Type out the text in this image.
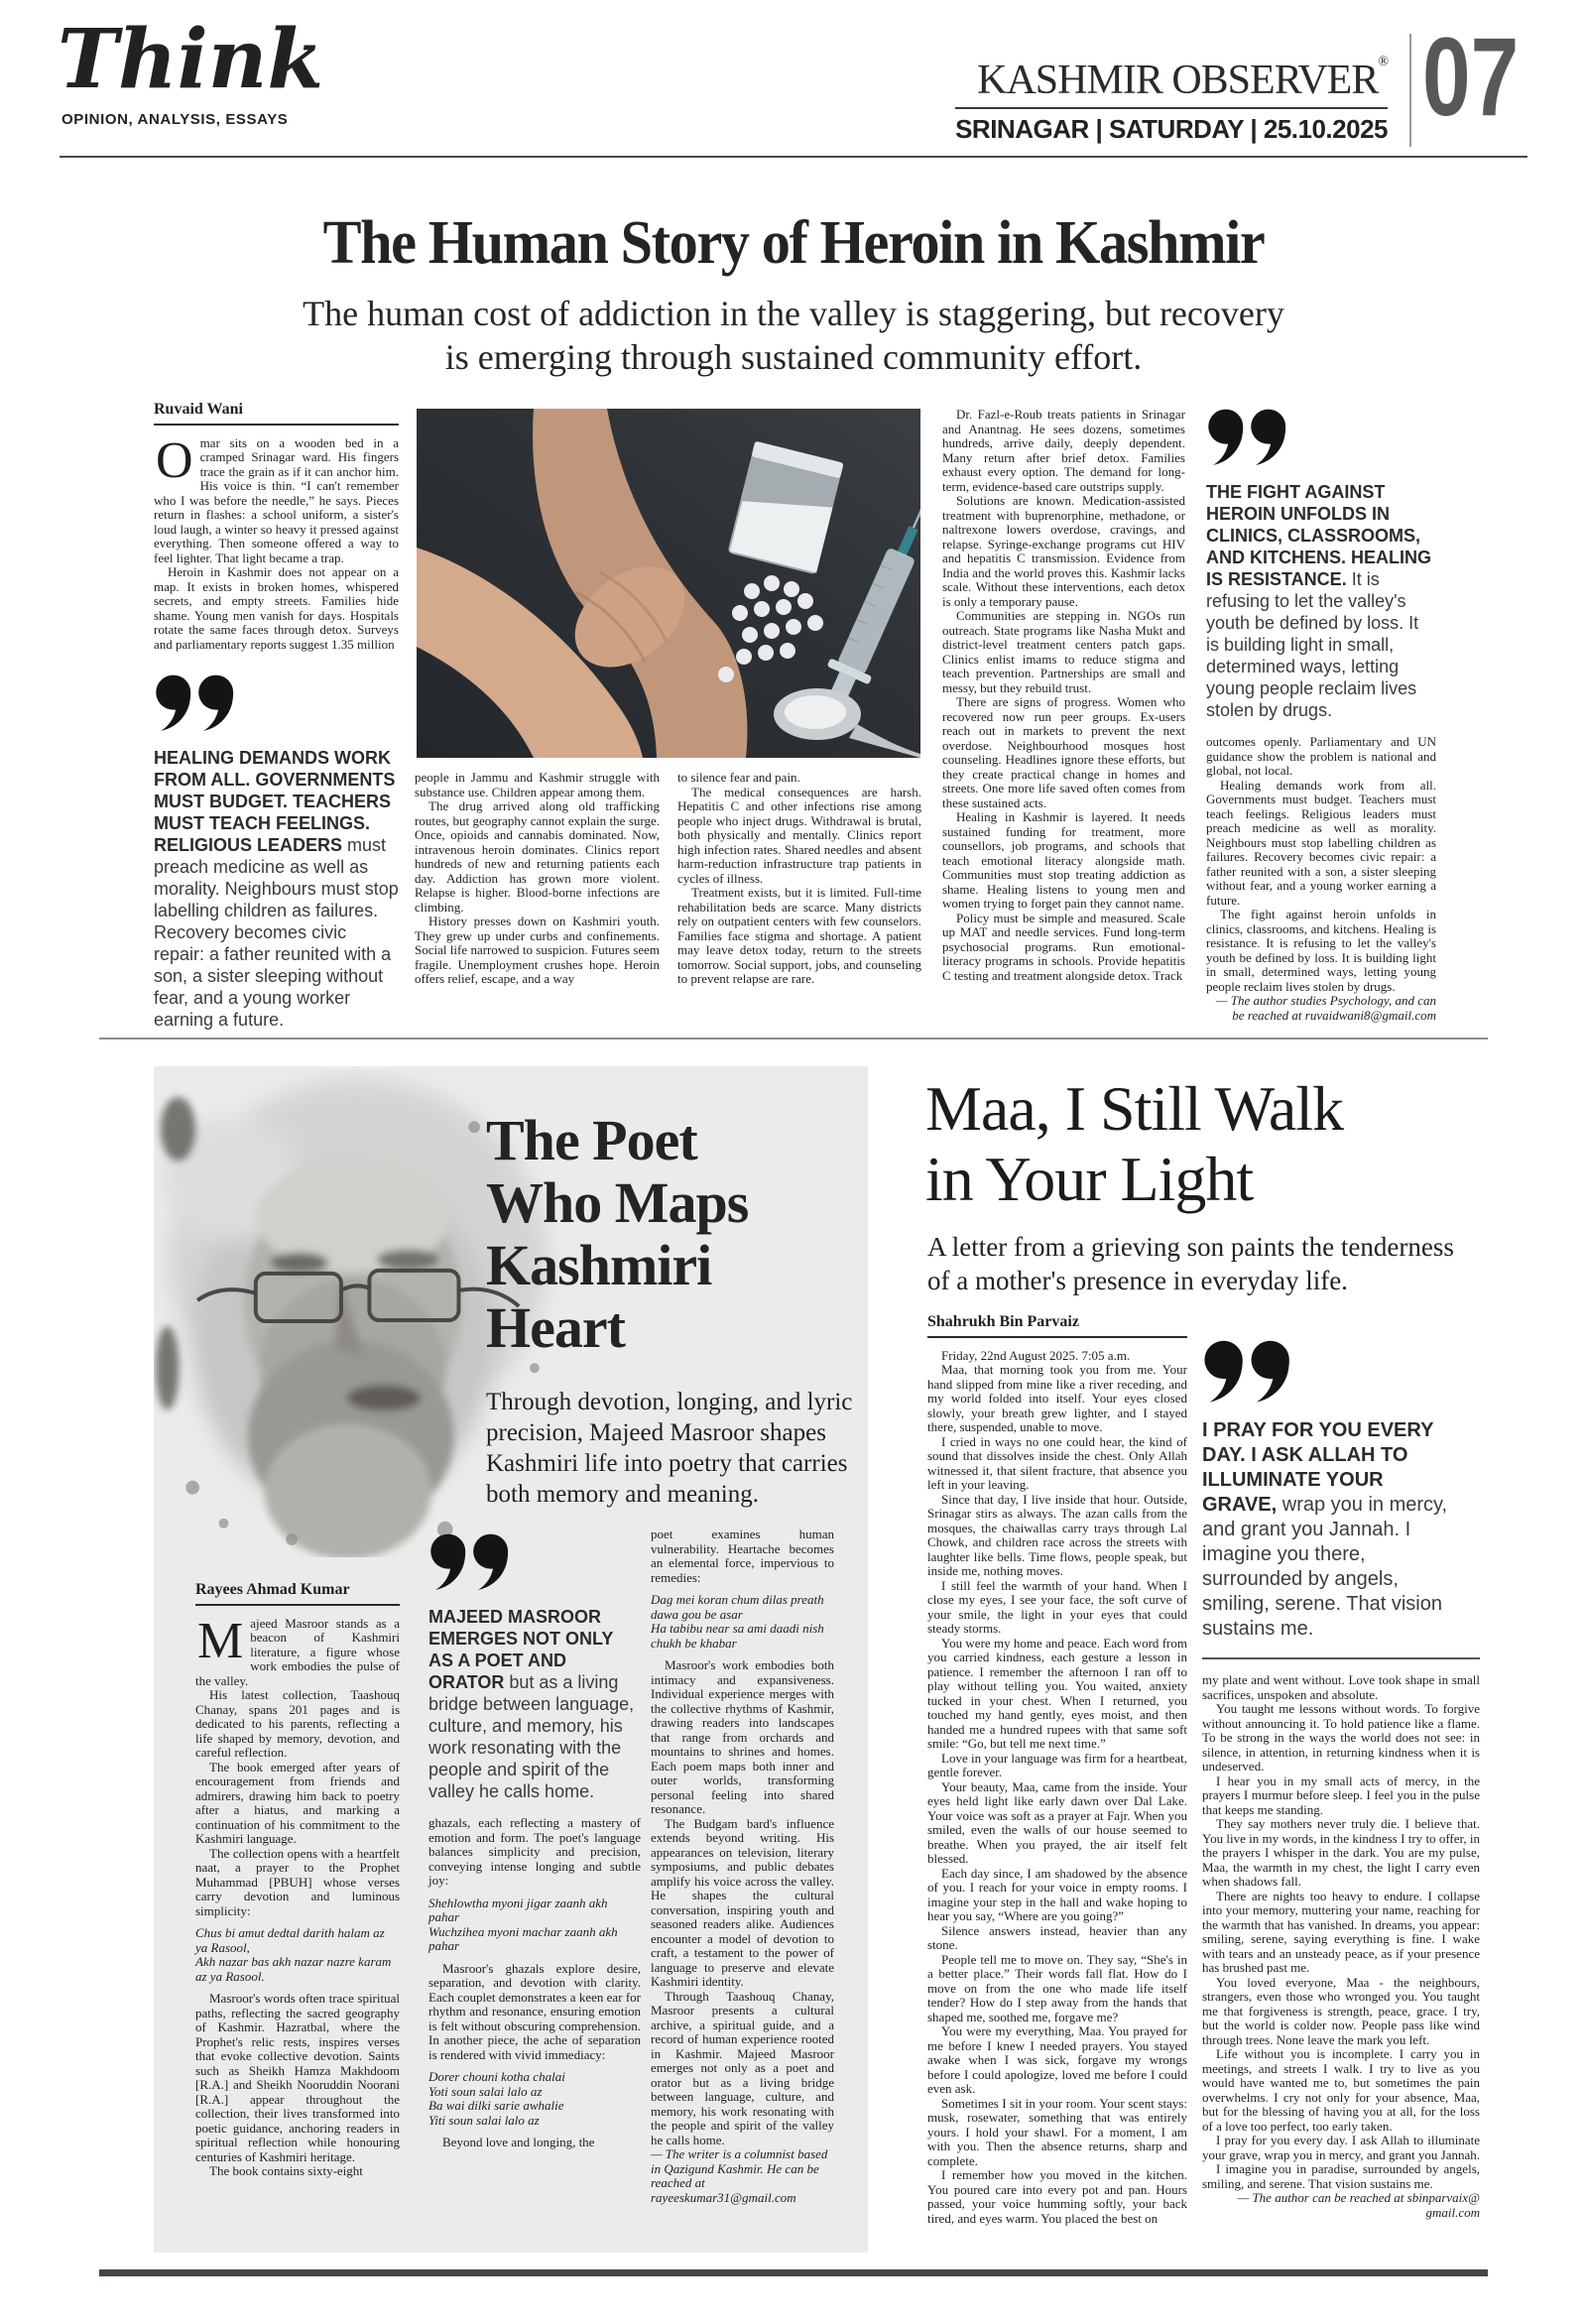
Think
OPINION, ANALYSIS, ESSAYS
KASHMIR OBSERVER®
SRINAGAR | SATURDAY | 25.10.2025 07
The Human Story of Heroin in Kashmir
The human cost of addiction in the valley is staggering, but recovery
is emerging through sustained community effort.
Ruvaid Wani

Omar sits on a wooden bed in a cramped Srinagar ward. His fingers trace the grain as if it can anchor him. His voice is thin. “I can't remember who I was before the needle,” he says. Pieces return in flashes: a school uniform, a sister's loud laugh, a winter so heavy it pressed against everything. Then someone offered a way to feel lighter. That light became a trap.

Heroin in Kashmir does not appear on a map. It exists in broken homes, whispered secrets, and empty streets. Families hide shame. Young men vanish for days. Hospitals rotate the same faces through detox. Surveys and parliamentary reports suggest 1.35 million

HEALING DEMANDS WORK FROM ALL. GOVERNMENTS MUST BUDGET. TEACHERS MUST TEACH FEELINGS. RELIGIOUS LEADERS must preach medicine as well as morality. Neighbours must stop labelling children as failures. Recovery becomes civic repair: a father reunited with a son, a sister sleeping without fear, and a young worker earning a future.

people in Jammu and Kashmir struggle with substance use. Children appear among them.

The drug arrived along old trafficking routes, but geography cannot explain the surge. Once, opioids and cannabis dominated. Now, intravenous heroin dominates. Clinics report hundreds of new and returning patients each day. Addiction has grown more violent. Relapse is higher. Blood-borne infections are climbing.

History presses down on Kashmiri youth. They grew up under curbs and confinements. Social life narrowed to suspicion. Futures seem fragile. Unemployment crushes hope. Heroin offers relief, escape, and a way

to silence fear and pain.

The medical consequences are harsh. Hepatitis C and other infections rise among people who inject drugs. Withdrawal is brutal, both physically and mentally. Clinics report high infection rates. Shared needles and absent harm-reduction infrastructure trap patients in cycles of illness.

Treatment exists, but it is limited. Full-time rehabilitation beds are scarce. Many districts rely on outpatient centers with few counselors. Families face stigma and shortage. A patient may leave detox today, return to the streets tomorrow. Social support, jobs, and counseling to prevent relapse are rare.

Dr. Fazl-e-Roub treats patients in Srinagar and Anantnag. He sees dozens, sometimes hundreds, arrive daily, deeply dependent. Many return after brief detox. Families exhaust every option. The demand for long-term, evidence-based care outstrips supply.

Solutions are known. Medication-assisted treatment with buprenorphine, methadone, or naltrexone lowers overdose, cravings, and relapse. Syringe-exchange programs cut HIV and hepatitis C transmission. Evidence from India and the world proves this. Kashmir lacks scale. Without these interventions, each detox is only a temporary pause.

Communities are stepping in. NGOs run outreach. State programs like Nasha Mukt and district-level treatment centers patch gaps. Clinics enlist imams to reduce stigma and teach prevention. Partnerships are small and messy, but they rebuild trust.

There are signs of progress. Women who recovered now run peer groups. Ex-users reach out in markets to prevent the next overdose. Neighbourhood mosques host counseling. Headlines ignore these efforts, but they create practical change in homes and streets. One more life saved often comes from these sustained acts.

Healing in Kashmir is layered. It needs sustained funding for treatment, more counsellors, job programs, and schools that teach emotional literacy alongside math. Communities must stop treating addiction as shame. Healing listens to young men and women trying to forget pain they cannot name.

Policy must be simple and measured. Scale up MAT and needle services. Fund long-term psychosocial programs. Run emotional-literacy programs in schools. Provide hepatitis C testing and treatment alongside detox. Track

THE FIGHT AGAINST HEROIN UNFOLDS IN CLINICS, CLASSROOMS, AND KITCHENS. HEALING IS RESISTANCE. It is refusing to let the valley's youth be defined by loss. It is building light in small, determined ways, letting young people reclaim lives stolen by drugs.

outcomes openly. Parliamentary and UN guidance show the problem is national and global, not local.

Healing demands work from all. Governments must budget. Teachers must teach feelings. Religious leaders must preach medicine as well as morality. Neighbours must stop labelling children as failures. Recovery becomes civic repair: a father reunited with a son, a sister sleeping without fear, and a young worker earning a future.

The fight against heroin unfolds in clinics, classrooms, and kitchens. Healing is resistance. It is refusing to let the valley's youth be defined by loss. It is building light in small, determined ways, letting young people reclaim lives stolen by drugs.

— The author studies Psychology, and can be reached at ruvaidwani8@gmail.com

The Poet
Who Maps
Kashmiri
Heart
Through devotion, longing, and lyric precision, Majeed Masroor shapes Kashmiri life into poetry that carries both memory and meaning.
Rayees Ahmad Kumar

Majeed Masroor stands as a beacon of Kashmiri literature, a figure whose work embodies the pulse of the valley.

His latest collection, Taashouq Chanay, spans 201 pages and is dedicated to his parents, reflecting a life shaped by memory, devotion, and careful reflection.

The book emerged after years of encouragement from friends and admirers, drawing him back to poetry after a hiatus, and marking a continuation of his commitment to the Kashmiri language.

The collection opens with a heartfelt naat, a prayer to the Prophet Muhammad [PBUH] whose verses carry devotion and luminous simplicity:

Chus bi amut dedtal darith halam az ya Rasool,
Akh nazar bas akh nazar nazre karam az ya Rasool.

Masroor's words often trace spiritual paths, reflecting the sacred geography of Kashmir. Hazratbal, where the Prophet's relic rests, inspires verses that evoke collective devotion. Saints such as Sheikh Hamza Makhdoom [R.A.] and Sheikh Nooruddin Noorani [R.A.] appear throughout the collection, their lives transformed into poetic guidance, anchoring readers in spiritual reflection while honouring centuries of Kashmiri heritage.

The book contains sixty-eight

MAJEED MASROOR EMERGES NOT ONLY AS A POET AND ORATOR but as a living bridge between language, culture, and memory, his work resonating with the people and spirit of the valley he calls home.

ghazals, each reflecting a mastery of emotion and form. The poet's language balances simplicity and precision, conveying intense longing and subtle joy:

Shehlowtha myoni jigar zaanh akh pahar
Wuchzihea myoni machar zaanh akh pahar

Masroor's ghazals explore desire, separation, and devotion with clarity. Each couplet demonstrates a keen ear for rhythm and resonance, ensuring emotion is felt without obscuring comprehension. In another piece, the ache of separation is rendered with vivid immediacy:

Dorer chouni kotha chalai
Yoti soun salai lalo az
Ba wai dilki sarie awhalie
Yiti soun salai lalo az

Beyond love and longing, the

poet examines human vulnerability. Heartache becomes an elemental force, impervious to remedies:

Dag mei koran chum dilas preath dawa gou be asar
Ha tabibu near sa ami daadi nish chukh be khabar

Masroor's work embodies both intimacy and expansiveness. Individual experience merges with the collective rhythms of Kashmir, drawing readers into landscapes that range from orchards and mountains to shrines and homes. Each poem maps both inner and outer worlds, transforming personal feeling into shared resonance.

The Budgam bard's influence extends beyond writing. His appearances on television, literary symposiums, and public debates amplify his voice across the valley. He shapes the cultural conversation, inspiring youth and seasoned readers alike. Audiences encounter a model of devotion to craft, a testament to the power of language to preserve and elevate Kashmiri identity.

Through Taashouq Chanay, Masroor presents a cultural archive, a spiritual guide, and a record of human experience rooted in Kashmir. Majeed Masroor emerges not only as a poet and orator but as a living bridge between language, culture, and memory, his work resonating with the people and spirit of the valley he calls home.

— The writer is a columnist based in Qazigund Kashmir. He can be reached at rayeeskumar31@gmail.com

Maa, I Still Walk
in Your Light
A letter from a grieving son paints the tenderness
of a mother's presence in everyday life.
Shahrukh Bin Parvaiz

Friday, 22nd August 2025. 7:05 a.m.

Maa, that morning took you from me. Your hand slipped from mine like a river receding, and my world folded into itself. Your eyes closed slowly, your breath grew lighter, and I stayed there, suspended, unable to move.

I cried in ways no one could hear, the kind of sound that dissolves inside the chest. Only Allah witnessed it, that silent fracture, that absence you left in your leaving.

Since that day, I live inside that hour. Outside, Srinagar stirs as always. The azan calls from the mosques, the chaiwallas carry trays through Lal Chowk, and children race across the streets with laughter like bells. Time flows, people speak, but inside me, nothing moves.

I still feel the warmth of your hand. When I close my eyes, I see your face, the soft curve of your smile, the light in your eyes that could steady storms.

You were my home and peace. Each word from you carried kindness, each gesture a lesson in patience. I remember the afternoon I ran off to play without telling you. You waited, anxiety tucked in your chest. When I returned, you touched my hand gently, eyes moist, and then handed me a hundred rupees with that same soft smile: “Go, but tell me next time.”

Love in your language was firm for a heartbeat, gentle forever.

Your beauty, Maa, came from the inside. Your eyes held light like early dawn over Dal Lake. Your voice was soft as a prayer at Fajr. When you smiled, even the walls of our house seemed to breathe. When you prayed, the air itself felt blessed.

Each day since, I am shadowed by the absence of you. I reach for your voice in empty rooms. I imagine your step in the hall and wake hoping to hear you say, “Where are you going?”

Silence answers instead, heavier than any stone.

People tell me to move on. They say, “She's in a better place.” Their words fall flat. How do I move on from the one who made life itself tender? How do I step away from the hands that shaped me, soothed me, forgave me?

You were my everything, Maa. You prayed for me before I knew I needed prayers. You stayed awake when I was sick, forgave my wrongs before I could apologize, loved me before I could even ask.

Sometimes I sit in your room. Your scent stays: musk, rosewater, something that was entirely yours. I hold your shawl. For a moment, I am with you. Then the absence returns, sharp and complete.

I remember how you moved in the kitchen. You poured care into every pot and pan. Hours passed, your voice humming softly, your back tired, and eyes warm. You placed the best on

I PRAY FOR YOU EVERY DAY. I ASK ALLAH TO ILLUMINATE YOUR GRAVE, wrap you in mercy, and grant you Jannah. I imagine you there, surrounded by angels, smiling, serene. That vision sustains me.

my plate and went without. Love took shape in small sacrifices, unspoken and absolute.

You taught me lessons without words. To forgive without announcing it. To hold patience like a flame. To be strong in the ways the world does not see: in silence, in attention, in returning kindness when it is undeserved.

I hear you in my small acts of mercy, in the prayers I murmur before sleep. I feel you in the pulse that keeps me standing.

They say mothers never truly die. I believe that. You live in my words, in the kindness I try to offer, in the prayers I whisper in the dark. You are my pulse, Maa, the warmth in my chest, the light I carry even when shadows fall.

There are nights too heavy to endure. I collapse into your memory, muttering your name, reaching for the warmth that has vanished. In dreams, you appear: smiling, serene, saying everything is fine. I wake with tears and an unsteady peace, as if your presence has brushed past me.

You loved everyone, Maa - the neighbours, strangers, even those who wronged you. You taught me that forgiveness is strength, peace, grace. I try, but the world is colder now. People pass like wind through trees. None leave the mark you left.

Life without you is incomplete. I carry you in meetings, and streets I walk. I try to live as you would have wanted me to, but sometimes the pain overwhelms. I cry not only for your absence, Maa, but for the blessing of having you at all, for the loss of a love too perfect, too early taken.

I pray for you every day. I ask Allah to illuminate your grave, wrap you in mercy, and grant you Jannah.

I imagine you in paradise, surrounded by angels, smiling, and serene. That vision sustains me.

— The author can be reached at sbinparvaix@ gmail.com
